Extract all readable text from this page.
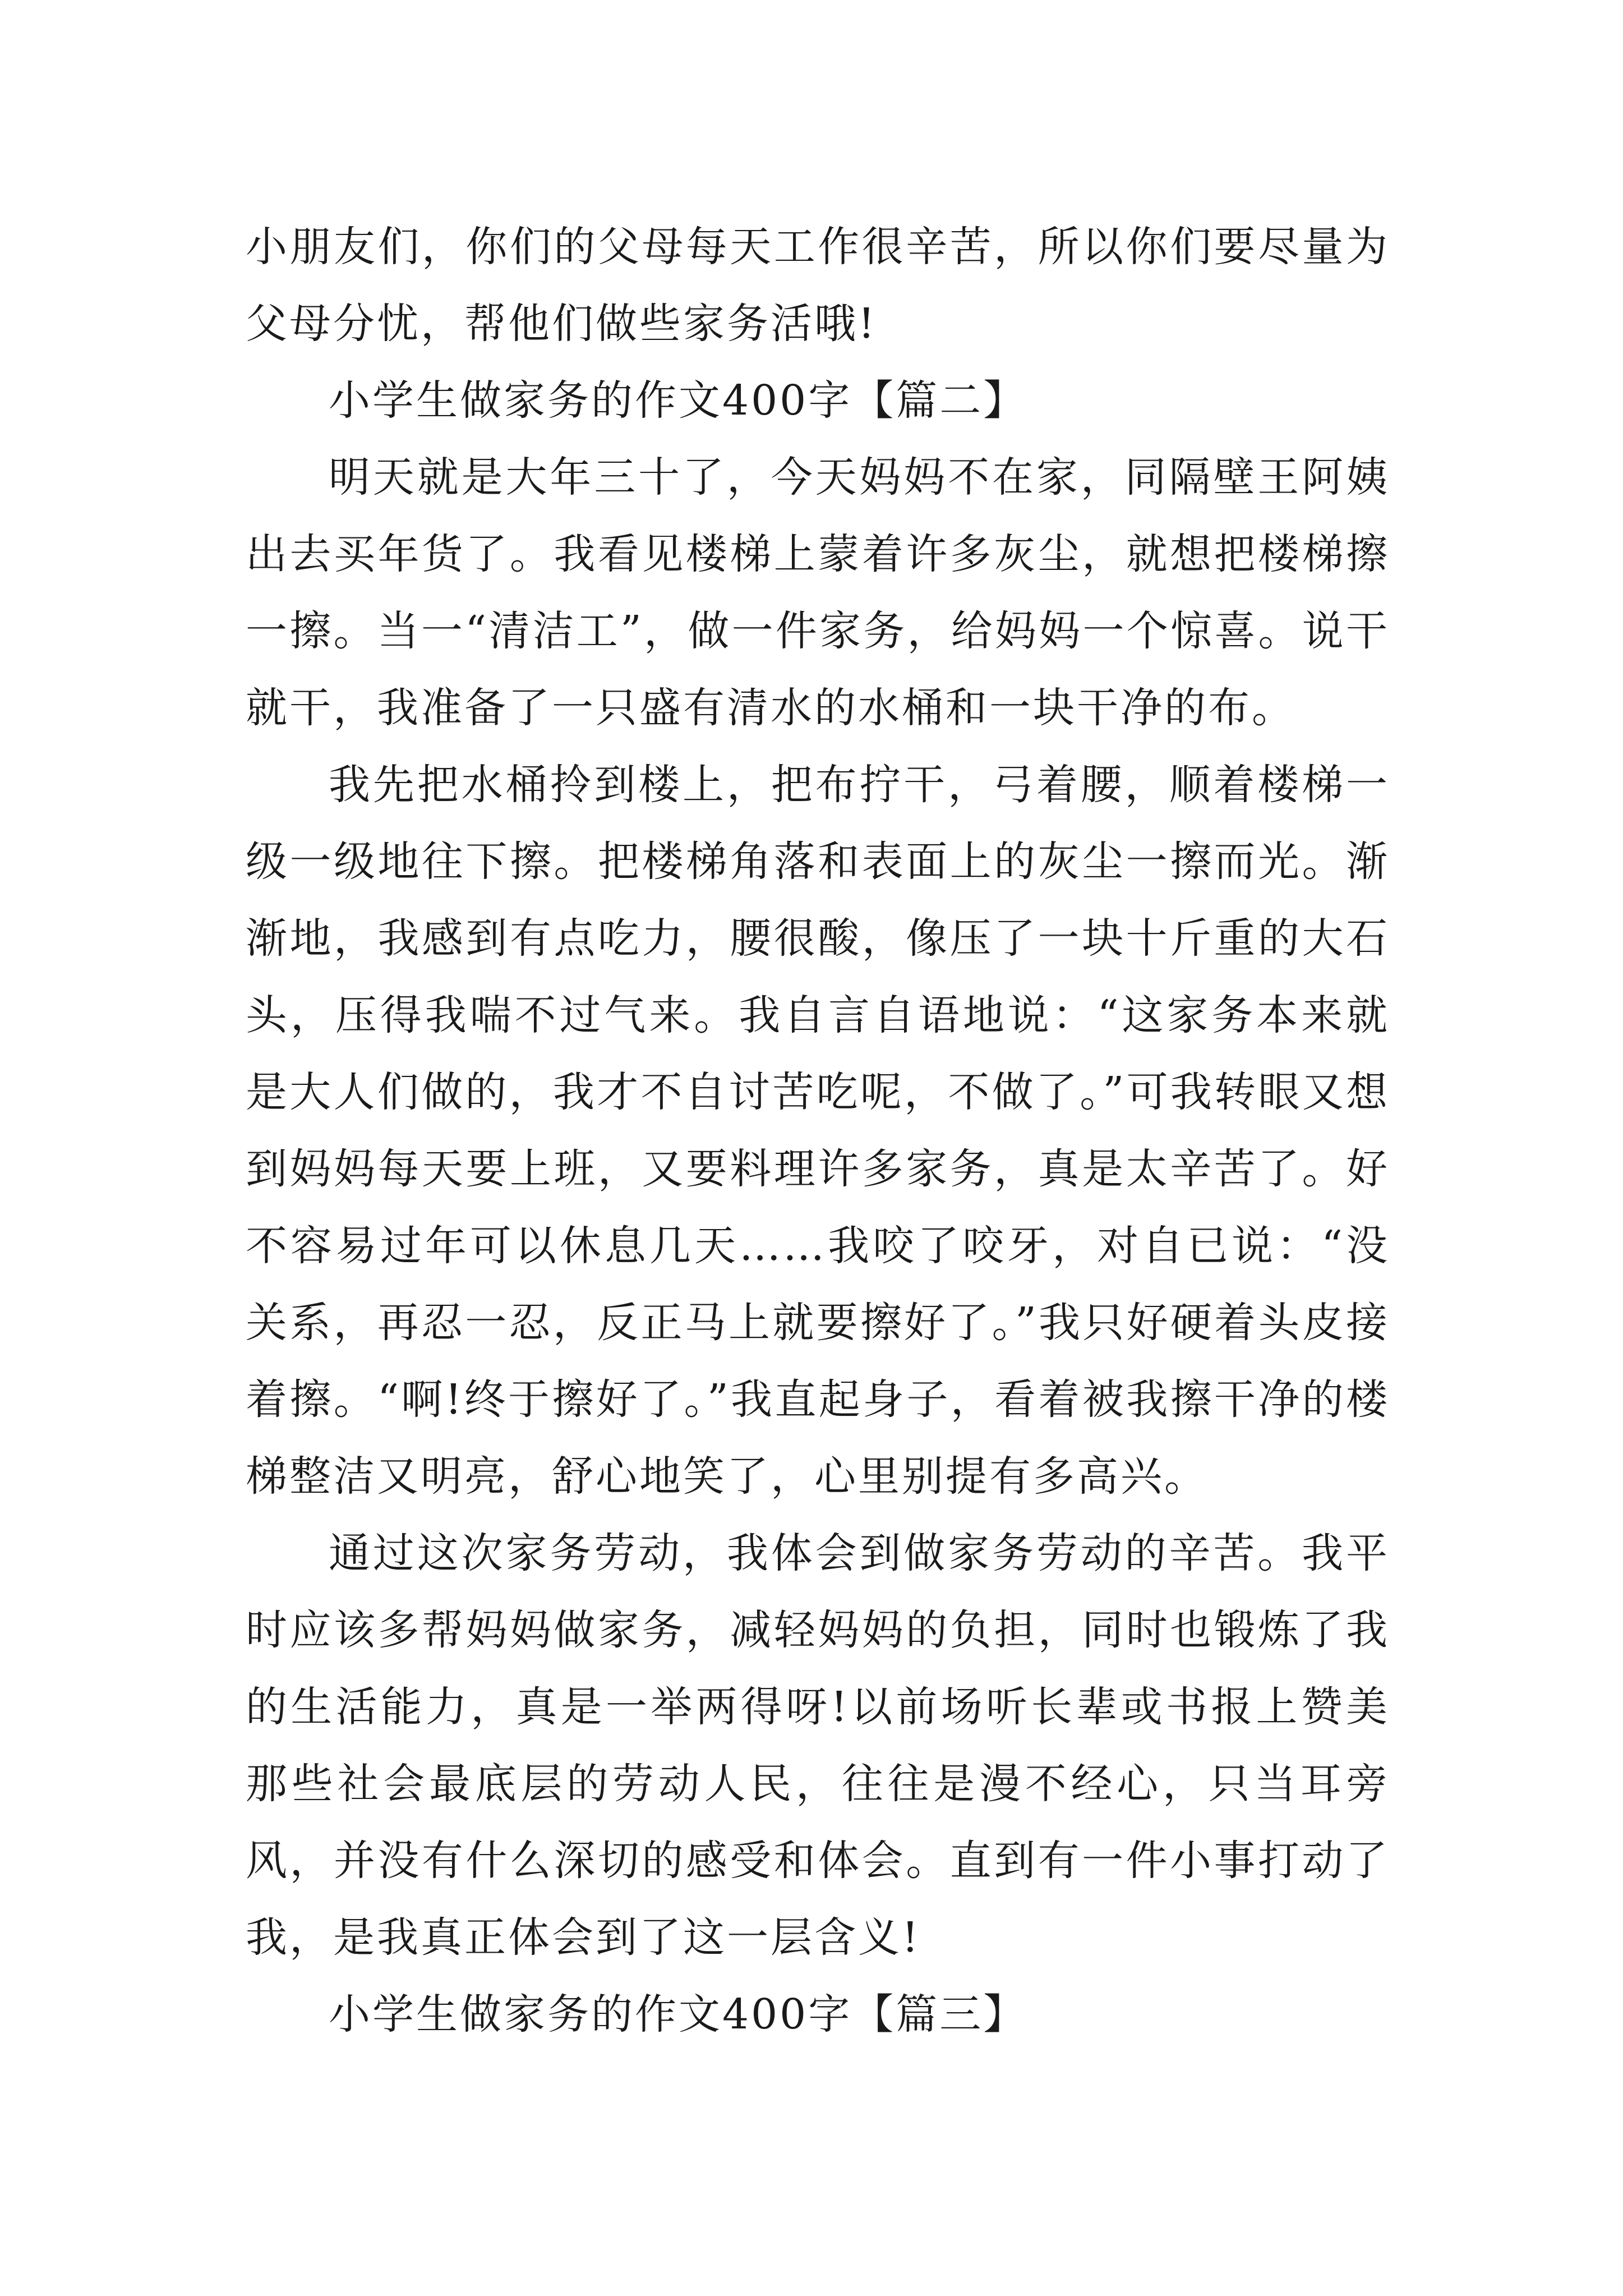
小朋友们，你们的父母每天工作很辛苦，所以你们要尽量为父母分忧，帮他们做些家务活哦!

小学生做家务的作文400字【篇二】

明天就是大年三十了，今天妈妈不在家，同隔壁王阿姨出去买年货了。我看见楼梯上蒙着许多灰尘，就想把楼梯擦一擦。当一“清洁工”，做一件家务，给妈妈一个惊喜。说干就干，我准备了一只盛有清水的水桶和一块干净的布。

我先把水桶拎到楼上，把布拧干，弓着腰，顺着楼梯一级一级地往下擦。把楼梯角落和表面上的灰尘一擦而光。渐渐地，我感到有点吃力，腰很酸，像压了一块十斤重的大石头，压得我喘不过气来。我自言自语地说：“这家务本来就是大人们做的，我才不自讨苦吃呢，不做了。”可我转眼又想到妈妈每天要上班，又要料理许多家务，真是太辛苦了。好不容易过年可以休息几天……我咬了咬牙，对自已说：“没关系，再忍一忍，反正马上就要擦好了。”我只好硬着头皮接着擦。“啊!终于擦好了。”我直起身子，看着被我擦干净的楼梯整洁又明亮，舒心地笑了，心里别提有多高兴。

通过这次家务劳动，我体会到做家务劳动的辛苦。我平时应该多帮妈妈做家务，减轻妈妈的负担，同时也锻炼了我的生活能力，真是一举两得呀!以前场听长辈或书报上赞美那些社会最底层的劳动人民，往往是漫不经心，只当耳旁风，并没有什么深切的感受和体会。直到有一件小事打动了我，是我真正体会到了这一层含义!

小学生做家务的作文400字【篇三】
